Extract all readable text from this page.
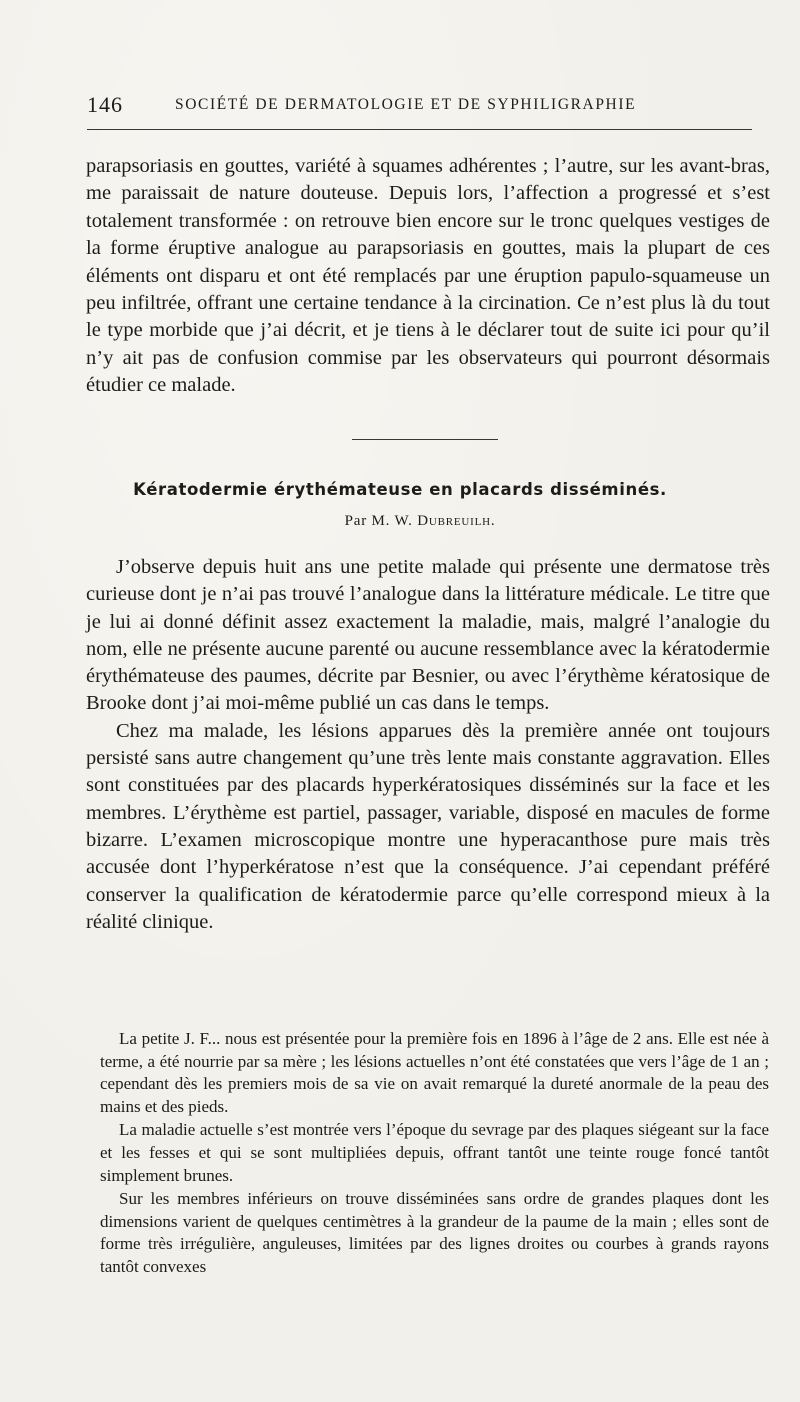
146	SOCIÉTÉ DE DERMATOLOGIE ET DE SYPHILIGRAPHIE

parapsoriasis en gouttes, variété à squames adhérentes ; l’autre, sur les avant-bras, me paraissait de nature douteuse. Depuis lors, l’affection a progressé et s’est totalement transformée : on retrouve bien encore sur le tronc quelques vestiges de la forme éruptive analogue au parapsoriasis en gouttes, mais la plupart de ces éléments ont disparu et ont été remplacés par une éruption papulo-squameuse un peu infiltrée, offrant une certaine tendance à la circination. Ce n’est plus là du tout le type morbide que j’ai décrit, et je tiens à le déclarer tout de suite ici pour qu’il n’y ait pas de confusion commise par les observateurs qui pourront désormais étudier ce malade.

Kératodermie érythémateuse en placards disséminés.

Par M. W. Dubreuilh.

J’observe depuis huit ans une petite malade qui présente une dermatose très curieuse dont je n’ai pas trouvé l’analogue dans la littérature médicale. Le titre que je lui ai donné définit assez exactement la maladie, mais, malgré l’analogie du nom, elle ne présente aucune parenté ou aucune ressemblance avec la kératodermie érythémateuse des paumes, décrite par Besnier, ou avec l’érythème kératosique de Brooke dont j’ai moi-même publié un cas dans le temps.

Chez ma malade, les lésions apparues dès la première année ont toujours persisté sans autre changement qu’une très lente mais constante aggravation. Elles sont constituées par des placards hyperkératosiques disséminés sur la face et les membres. L’érythème est partiel, passager, variable, disposé en macules de forme bizarre. L’examen microscopique montre une hyperacanthose pure mais très accusée dont l’hyperkératose n’est que la conséquence. J’ai cependant préféré conserver la qualification de kératodermie parce qu’elle correspond mieux à la réalité clinique.

La petite J. F... nous est présentée pour la première fois en 1896 à l’âge de 2 ans. Elle est née à terme, a été nourrie par sa mère ; les lésions actuelles n’ont été constatées que vers l’âge de 1 an ; cependant dès les premiers mois de sa vie on avait remarqué la dureté anormale de la peau des mains et des pieds.

La maladie actuelle s’est montrée vers l’époque du sevrage par des plaques siégeant sur la face et les fesses et qui se sont multipliées depuis, offrant tantôt une teinte rouge foncé tantôt simplement brunes.

Sur les membres inférieurs on trouve disséminées sans ordre de grandes plaques dont les dimensions varient de quelques centimètres à la grandeur de la paume de la main ; elles sont de forme très irrégulière, anguleuses, limitées par des lignes droites ou courbes à grands rayons tantôt convexes
